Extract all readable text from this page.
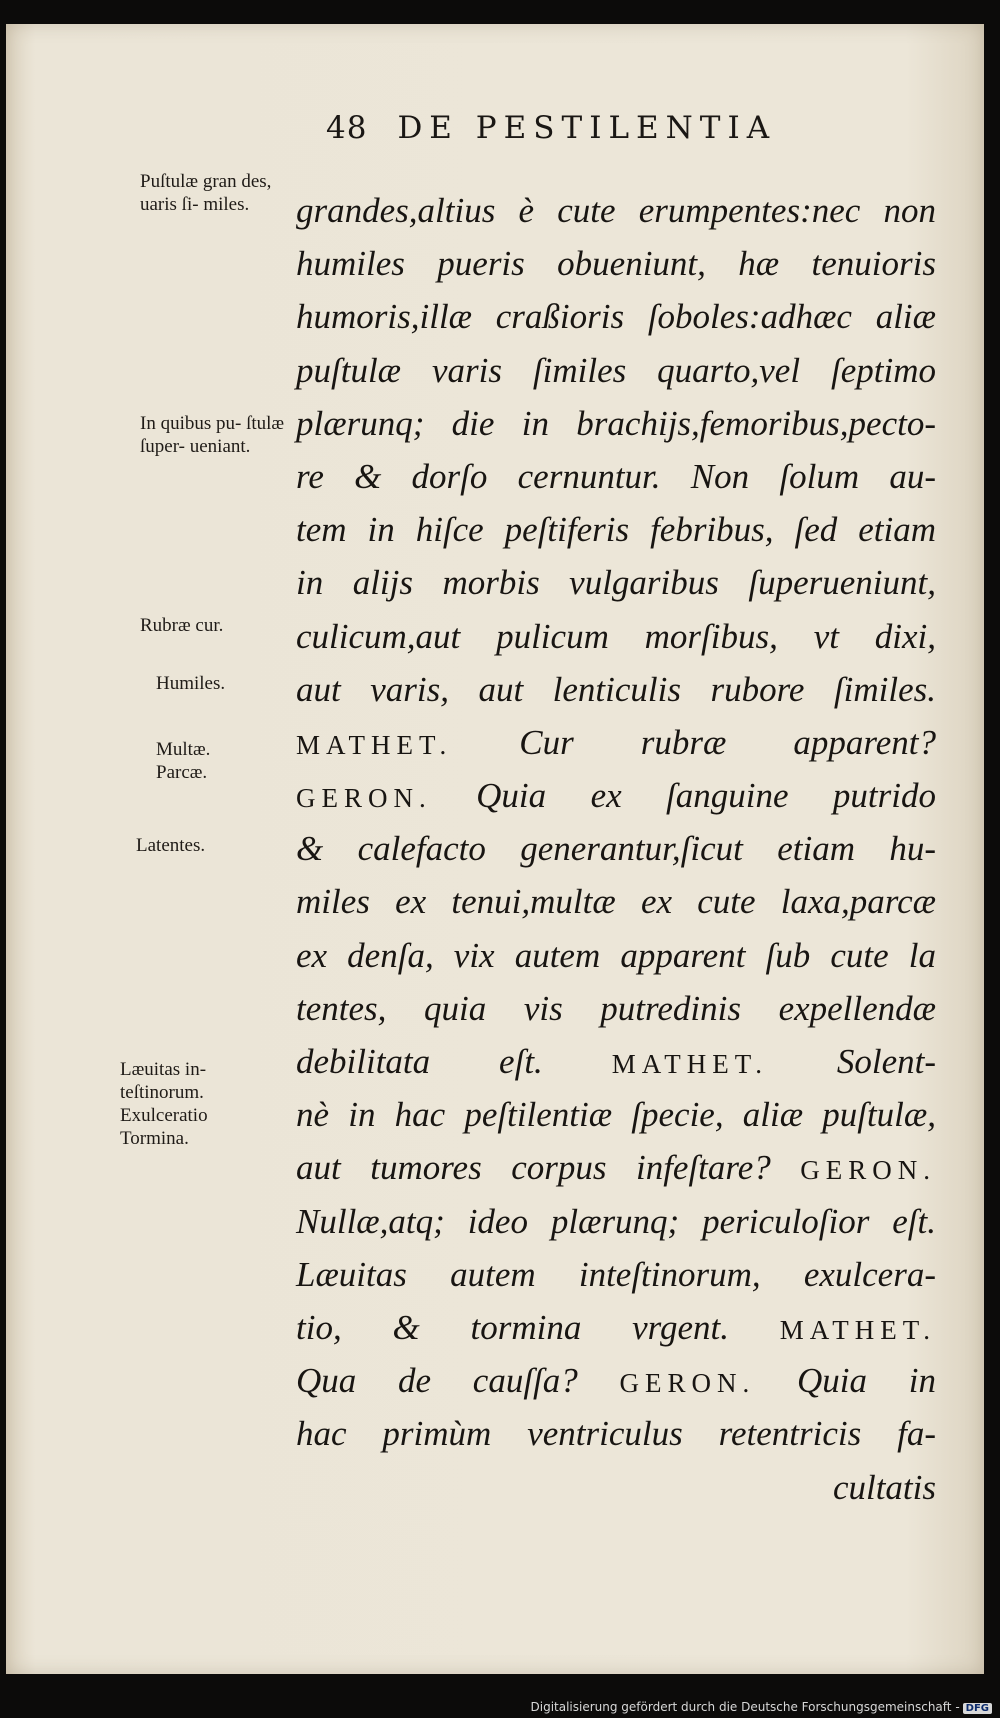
48 DE PESTILENTIA
Puſtulæ gran des, uaris ſi- miles.
In quibus pu- ſtulæ ſuper- ueniant.
Rubræ cur.
Humiles.
Multæ. Parcæ.
Latentes.
Læuitas in- teſtinorum. Exulceratio Tormina.
grandes,altius è cute erumpentes:nec non
humiles pueris obueniunt, hæ tenuioris
humoris,illæ craßioris ſoboles:adhæc aliæ
puſtulæ varis ſimiles quarto,vel ſeptimo
plærunq; die in brachijs,femoribus,pecto-
re & dorſo cernuntur. Non ſolum au-
tem in hiſce peſtiferis febribus, ſed etiam
in alijs morbis vulgaribus ſuperueniunt,
culicum,aut pulicum morſibus, vt dixi,
aut varis, aut lenticulis rubore ſimiles.
MATHET. Cur rubræ apparent?
GERON. Quia ex ſanguine putrido
& calefacto generantur,ſicut etiam hu-
miles ex tenui,multæ ex cute laxa,parcæ
ex denſa, vix autem apparent ſub cute la
tentes, quia vis putredinis expellendæ
debilitata eſt.	MATHET. Solent-
nè in hac peſtilentiæ ſpecie, aliæ puſtulæ,
aut tumores corpus infeſtare? GERON.
Nullæ,atq; ideo plærunq; periculoſior eſt.
Læuitas autem inteſtinorum, exulcera-
tio, & tormina vrgent. MATHET.
Qua de cauſſa? GERON. Quia in
hac primùm ventriculus retentricis fa-
cultatis
Digitalisierung gefördert durch die Deutsche Forschungsgemeinschaft - DFG
